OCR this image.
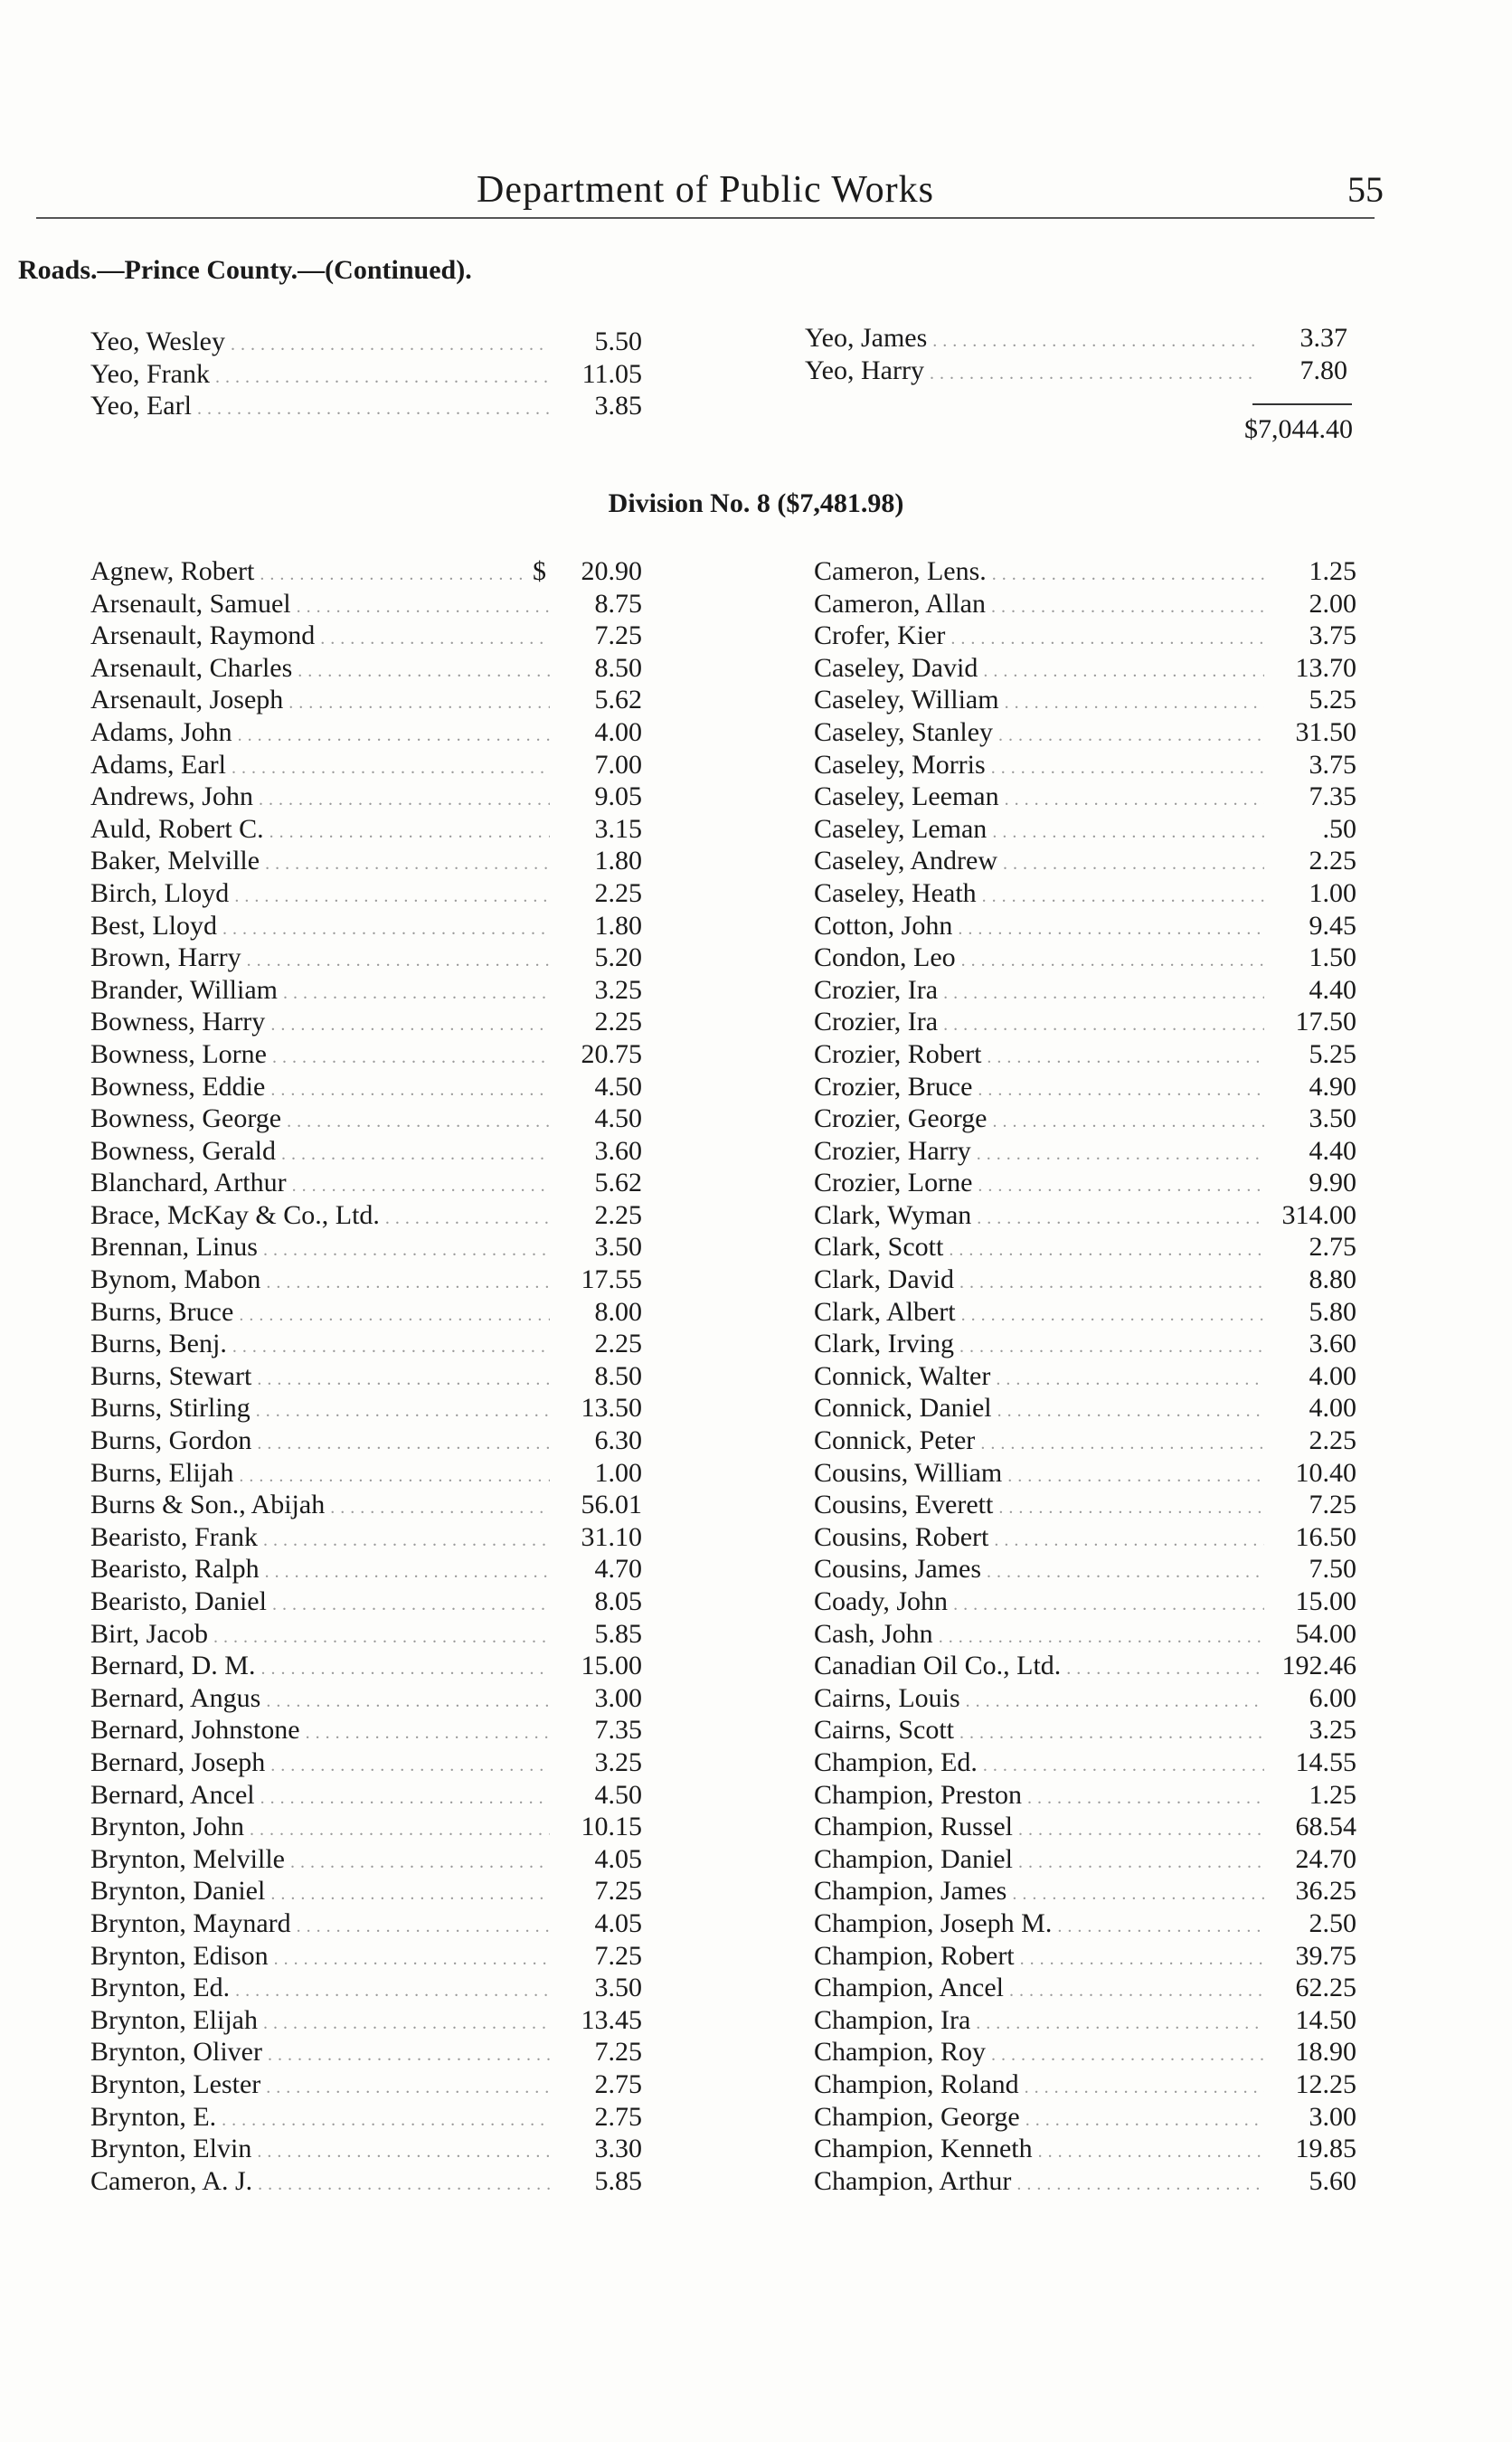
Department of Public Works	55
Roads.—Prince County.—(Continued).
Yeo, Wesley .....	5.50
Yeo, Frank .....	11.05
Yeo, Earl .....	3.85
Yeo, James .....	3.37
Yeo, Harry .....	7.80
$7,044.40
Division No. 8 ($7,481.98)
Agnew, Robert .....	$	20.90
Arsenault, Samuel .....	8.75
Arsenault, Raymond .....	7.25
Arsenault, Charles .....	8.50
Arsenault, Joseph .....	5.62
Adams, John .....	4.00
Adams, Earl .....	7.00
Andrews, John .....	9.05
Auld, Robert C. .....	3.15
Baker, Melville .....	1.80
Birch, Lloyd .....	2.25
Best, Lloyd .....	1.80
Brown, Harry .....	5.20
Brander, William .....	3.25
Bowness, Harry .....	2.25
Bowness, Lorne .....	20.75
Bowness, Eddie .....	4.50
Bowness, George .....	4.50
Bowness, Gerald .....	3.60
Blanchard, Arthur .....	5.62
Brace, McKay & Co., Ltd. .....	2.25
Brennan, Linus .....	3.50
Bynom, Mabon .....	17.55
Burns, Bruce .....	8.00
Burns, Benj. .....	2.25
Burns, Stewart .....	8.50
Burns, Stirling .....	13.50
Burns, Gordon .....	6.30
Burns, Elijah .....	1.00
Burns & Son., Abijah .....	56.01
Bearisto, Frank .....	31.10
Bearisto, Ralph .....	4.70
Bearisto, Daniel .....	8.05
Birt, Jacob .....	5.85
Bernard, D. M. .....	15.00
Bernard, Angus .....	3.00
Bernard, Johnstone .....	7.35
Bernard, Joseph .....	3.25
Bernard, Ancel .....	4.50
Brynton, John .....	10.15
Brynton, Melville .....	4.05
Brynton, Daniel .....	7.25
Brynton, Maynard .....	4.05
Brynton, Edison .....	7.25
Brynton, Ed. .....	3.50
Brynton, Elijah .....	13.45
Brynton, Oliver .....	7.25
Brynton, Lester .....	2.75
Brynton, E. .....	2.75
Brynton, Elvin .....	3.30
Cameron, A. J. .....	5.85
Cameron, Lens. .....	1.25
Cameron, Allan .....	2.00
Crofer, Kier .....	3.75
Caseley, David .....	13.70
Caseley, William .....	5.25
Caseley, Stanley .....	31.50
Caseley, Morris .....	3.75
Caseley, Leeman .....	7.35
Caseley, Leman .....	.50
Caseley, Andrew .....	2.25
Caseley, Heath .....	1.00
Cotton, John .....	9.45
Condon, Leo .....	1.50
Crozier, Ira .....	4.40
Crozier, Ira .....	17.50
Crozier, Robert .....	5.25
Crozier, Bruce .....	4.90
Crozier, George .....	3.50
Crozier, Harry .....	4.40
Crozier, Lorne .....	9.90
Clark, Wyman .....	314.00
Clark, Scott .....	2.75
Clark, David .....	8.80
Clark, Albert .....	5.80
Clark, Irving .....	3.60
Connick, Walter .....	4.00
Connick, Daniel .....	4.00
Connick, Peter .....	2.25
Cousins, William .....	10.40
Cousins, Everett .....	7.25
Cousins, Robert .....	16.50
Cousins, James .....	7.50
Coady, John .....	15.00
Cash, John .....	54.00
Canadian Oil Co., Ltd. .....	192.46
Cairns, Louis .....	6.00
Cairns, Scott .....	3.25
Champion, Ed. .....	14.55
Champion, Preston .....	1.25
Champion, Russel .....	68.54
Champion, Daniel .....	24.70
Champion, James .....	36.25
Champion, Joseph M. .....	2.50
Champion, Robert .....	39.75
Champion, Ancel .....	62.25
Champion, Ira .....	14.50
Champion, Roy .....	18.90
Champion, Roland .....	12.25
Champion, George .....	3.00
Champion, Kenneth .....	19.85
Champion, Arthur .....	5.60
